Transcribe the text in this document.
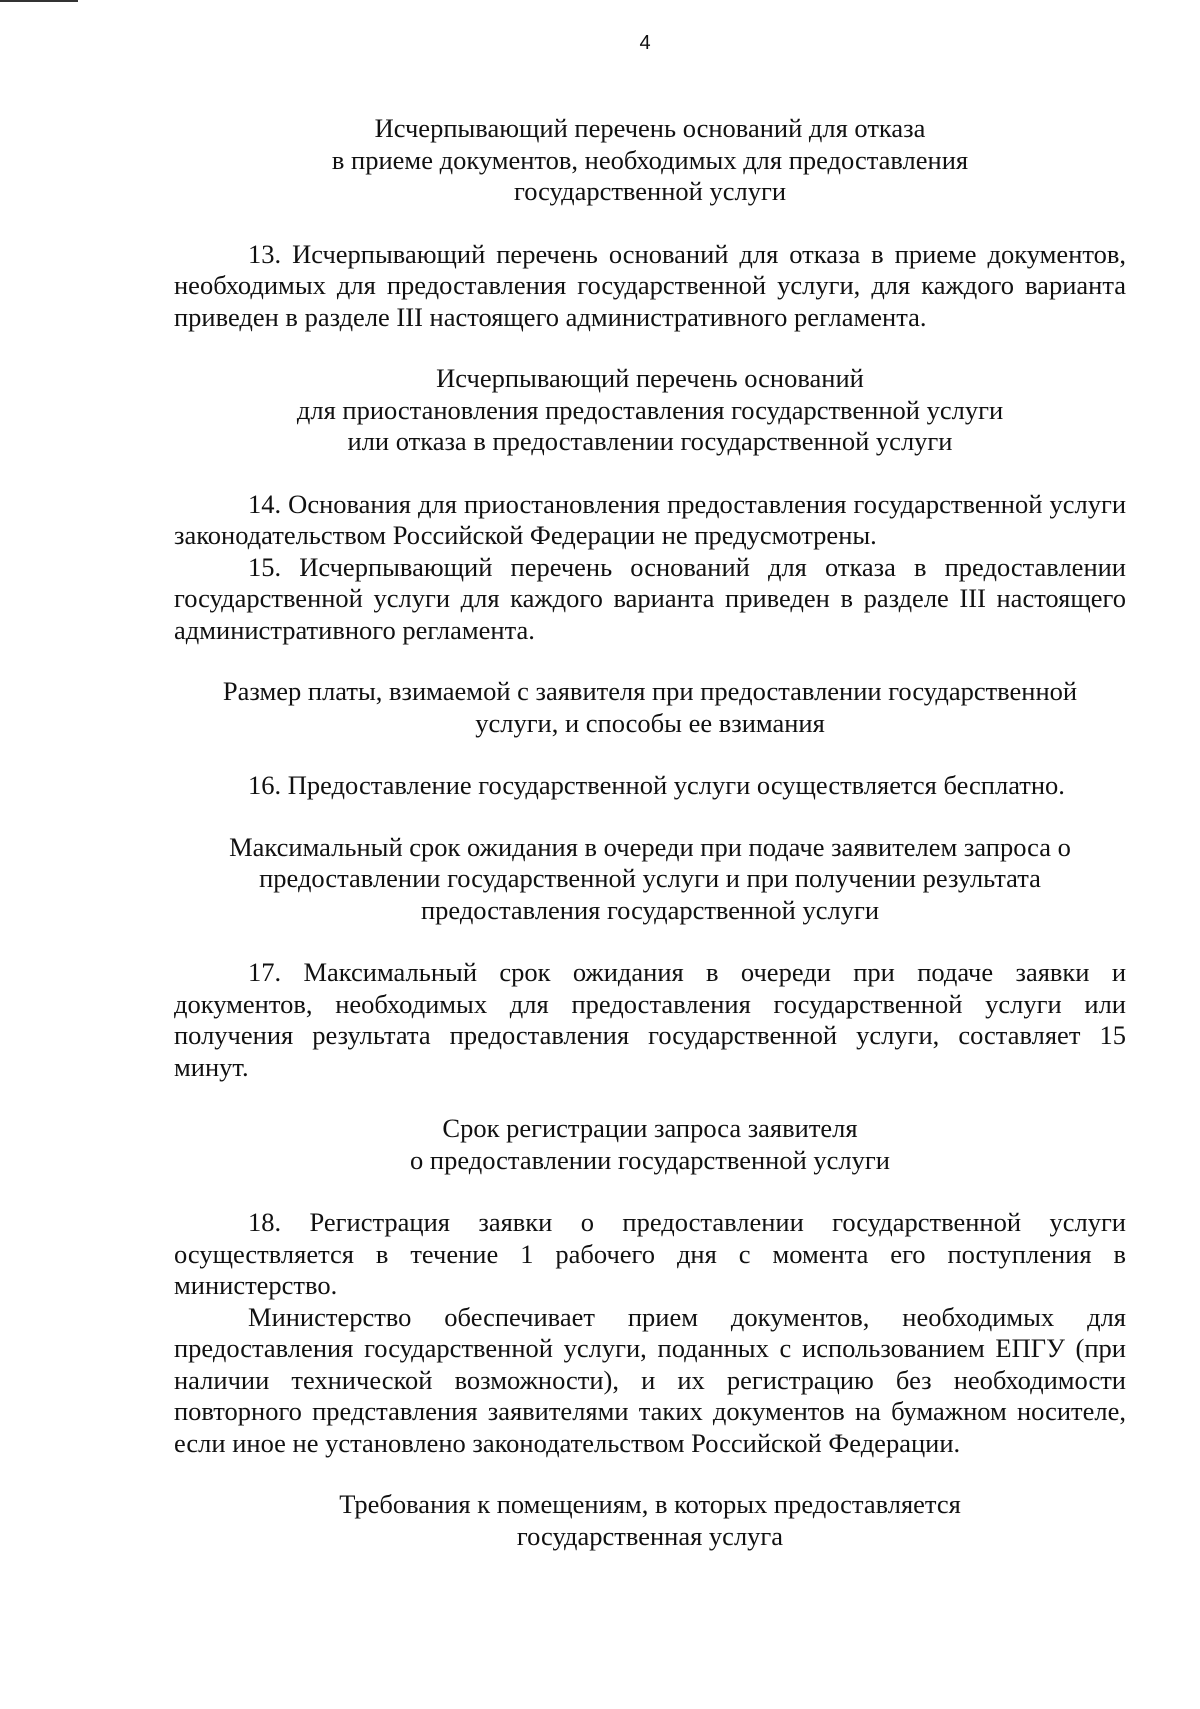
4
Исчерпывающий перечень оснований для отказа
в приеме документов, необходимых для предоставления
государственной услуги

13. Исчерпывающий перечень оснований для отказа в приеме документов, необходимых для предоставления государственной услуги, для каждого варианта приведен в разделе III настоящего административного регламента.

Исчерпывающий перечень оснований
для приостановления предоставления государственной услуги
или отказа в предоставлении государственной услуги

14. Основания для приостановления предоставления государственной услуги законодательством Российской Федерации не предусмотрены.

15. Исчерпывающий перечень оснований для отказа в предоставлении государственной услуги для каждого варианта приведен в разделе III настоящего административного регламента.

Размер платы, взимаемой с заявителя при предоставлении государственной
услуги, и способы ее взимания

16. Предоставление государственной услуги осуществляется бесплатно.

Максимальный срок ожидания в очереди при подаче заявителем запроса о
предоставлении государственной услуги и при получении результата
предоставления государственной услуги

17. Максимальный срок ожидания в очереди при подаче заявки и документов, необходимых для предоставления государственной услуги или получения результата предоставления государственной услуги, составляет 15 минут.

Срок регистрации запроса заявителя
о предоставлении государственной услуги

18. Регистрация заявки о предоставлении государственной услуги осуществляется в течение 1 рабочего дня с момента его поступления в министерство.

Министерство обеспечивает прием документов, необходимых для предоставления государственной услуги, поданных с использованием ЕПГУ (при наличии технической возможности), и их регистрацию без необходимости повторного представления заявителями таких документов на бумажном носителе, если иное не установлено законодательством Российской Федерации.

Требования к помещениям, в которых предоставляется
государственная услуга
